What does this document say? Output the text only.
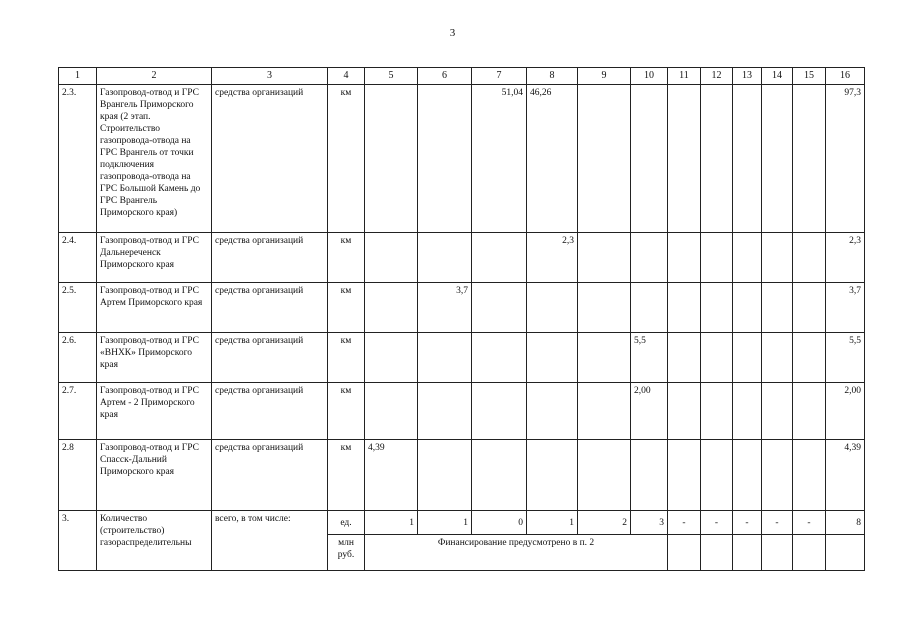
3
1	2	3	4	5	6	7	8	9	10	11	12	13	14	15	16
2.3.	Газопровод-отвод и ГРС Врангель Приморского края (2 этап. Строительство газопровода-отвода на ГРС Врангель от точки подключения газопровода-отвода на ГРС Большой Камень до ГРС Врангель Приморского края)	средства организаций	км			51,04	46,26								97,3
2.4.	Газопровод-отвод и ГРС Дальнереченск Приморского края	средства организаций	км				2,3								2,3
2.5.	Газопровод-отвод и ГРС Артем Приморского края	средства организаций	км		3,7										3,7
2.6.	Газопровод-отвод и ГРС «ВНХК» Приморского края	средства организаций	км						5,5						5,5
2.7.	Газопровод-отвод и ГРС Артем - 2 Приморского края	средства организаций	км						2,00						2,00
2.8	Газопровод-отвод и ГРС Спасск-Дальний Приморского края	средства организаций	км	4,39											4,39
3.	Количество (строительство) газораспределительны	всего, в том числе:	ед.	1	1	0	1	2	3	-	-	-	-	-	8
			млн руб.	Финансирование предусмотрено в п. 2											
